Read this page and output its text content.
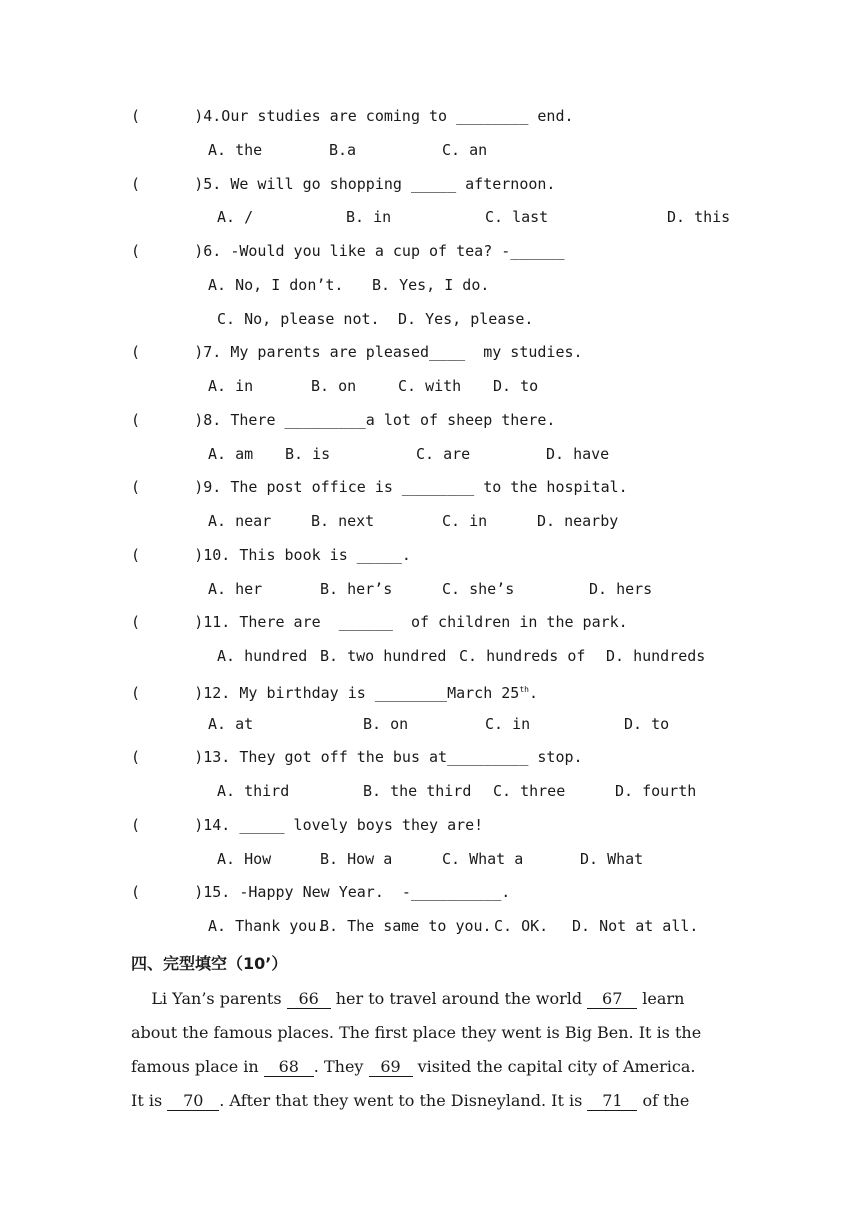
(      )4.Our studies are coming to ________ end.
A. the	B.a	C. an
(      )5. We will go shopping _____ afternoon.
A. /	B. in	C. last	D. this
(      )6. -Would you like a cup of tea? -______
A. No, I don’t. B. Yes, I do.
C. No, please not. D. Yes, please.
(      )7. My parents are pleased____  my studies.
A. in	B. on	C. with D. to
(      )8. There _________a lot of sheep there.
A. am B. is	C. are	D. have
(      )9. The post office is ________ to the hospital.
A. near	B. next	C. in	D. nearby
(      )10. This book is _____.
A. her	B. her’s	C. she’s	D. hers
(      )11. There are  ______  of children in the park.
A. hundred B. two hundred C. hundreds of D. hundreds
(      )12. My birthday is ________March 25th.
A. at	B. on	C. in	D. to
(      )13. They got off the bus at_________ stop.
A. third	B. the third C. three	D. fourth
(      )14. _____ lovely boys they are!
A. How	B. How a	C. What a	D. What
(      )15. -Happy New Year.  -__________.
A. Thank you.
B. The same to you. C. OK. D. Not at all.
四、完型填空（10’）
Li Yan’s parents 66 her to travel around the world 67 learn
about the famous places. The first place they went is Big Ben. It is the
famous place in 68 . They 69 visited the capital city of America.
It is 70 . After that they went to the Disneyland. It is 71 of the
